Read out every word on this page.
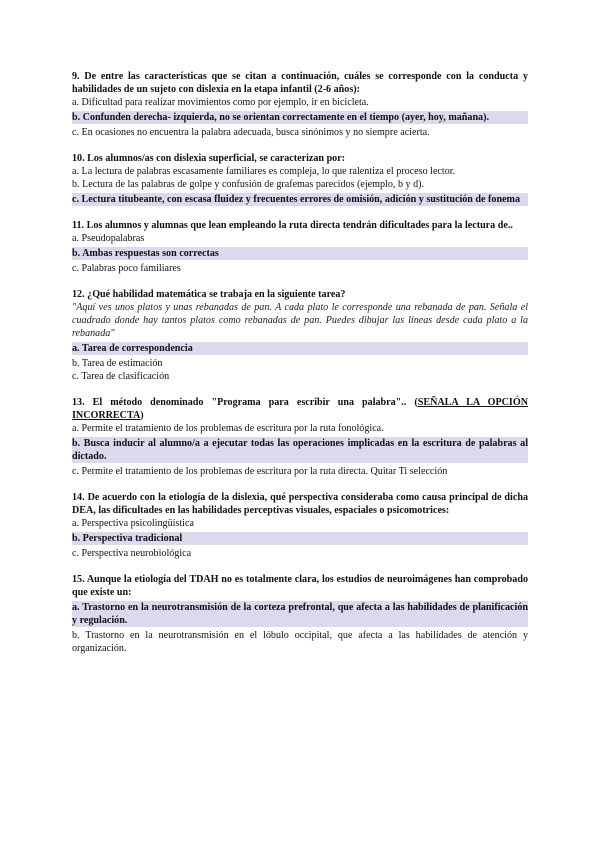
9. De entre las características que se citan a continuación, cuáles se corresponde con la conducta y habilidades de un sujeto con dislexia en la etapa infantil (2-6 años):

a. Dificultad para realizar movimientos como por ejemplo, ir en bicicleta.

b. Confunden derecha- izquierda, no se orientan correctamente en el tiempo (ayer, hoy, mañana).

c. En ocasiones no encuentra la palabra adecuada, busca sinónimos y no siempre acierta.

10. Los alumnos/as con dislexia superficial, se caracterizan por:

a. La lectura de palabras escasamente familiares es compleja, lo que ralentiza el proceso lector.

b. Lectura de las palabras de golpe y confusión de grafemas parecidos (ejemplo, b y d).

c. Lectura titubeante, con escasa fluidez y frecuentes errores de omisión, adición y sustitución de fonema

11. Los alumnos y alumnas que lean empleando la ruta directa tendrán dificultades para la lectura de..

a. Pseudopalabras

b. Ambas respuestas son correctas

c. Palabras poco familiares

12. ¿Qué habilidad matemática se trabaja en la siguiente tarea?

"Aquí ves unos platos y unas rebanadas de pan. A cada plato le corresponde una rebanada de pan. Señala el cuadrado donde hay tantos platos como rebanadas de pan. Puedes dibujar las líneas desde cada plato a la rebanada"

a. Tarea de correspondencia

b. Tarea de estimación

c. Tarea de clasificación

13. El método denominado "Programa para escribir una palabra".. (SEÑALA LA OPCIÓN INCORRECTA)

a. Permite el tratamiento de los problemas de escritura por la ruta fonológica.

b. Busca inducir al alumno/a a ejecutar todas las operaciones implicadas en la escritura de palabras al dictado.

c. Permite el tratamiento de los problemas de escritura por la ruta directa. Quitar Ti selección

14. De acuerdo con la etiología de la dislexia, qué perspectiva consideraba como causa principal de dicha DEA, las dificultades en las habilidades perceptivas visuales, espaciales o psicomotrices:

a. Perspectiva psicolingüística

b. Perspectiva tradicional

c. Perspectiva neurobiológica

15. Aunque la etiología del TDAH no es totalmente clara, los estudios de neuroimágenes han comprobado que existe un:

a. Trastorno en la neurotransmisión de la corteza prefrontal, que afecta a las habilidades de planificación y regulación.

b. Trastorno en la neurotransmisión en el lóbulo occipital, que afecta a las habilidades de atención y organización.
